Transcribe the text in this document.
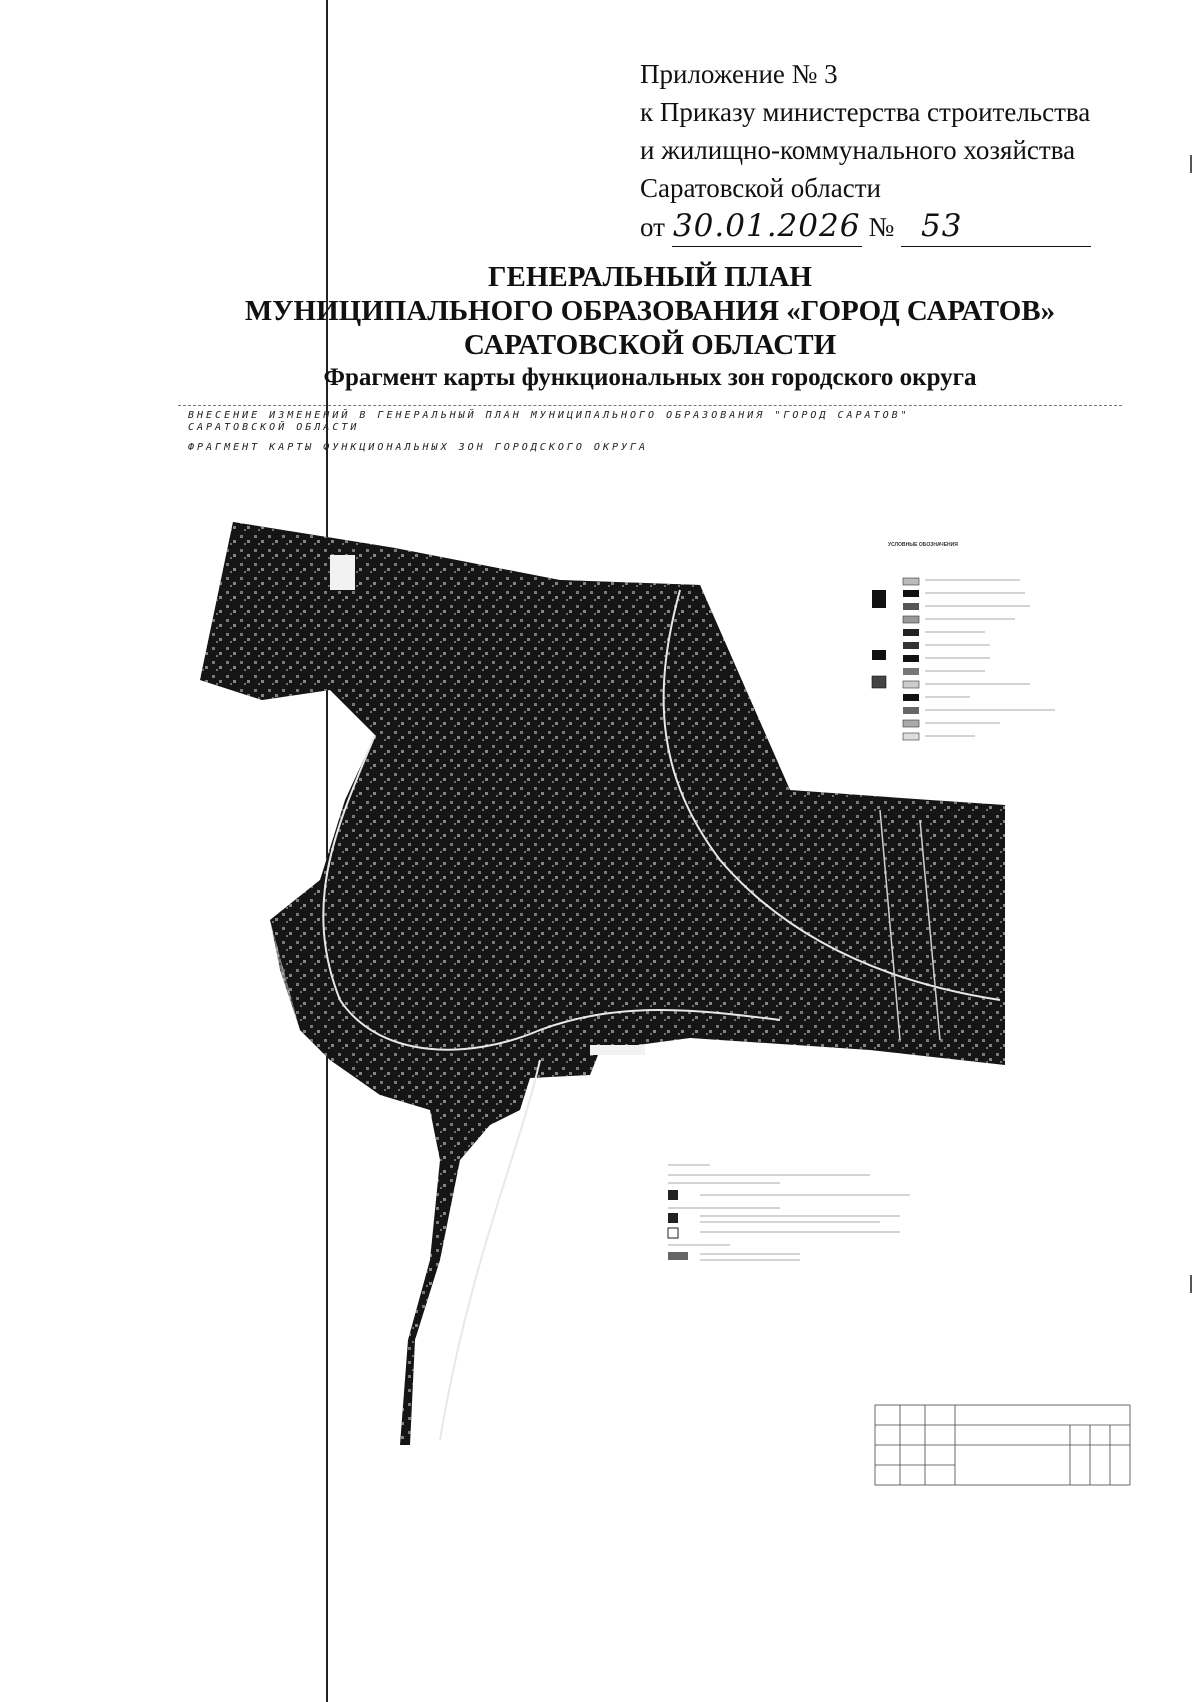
Приложение № 3
к Приказу министерства строительства
и жилищно-коммунального хозяйства
Саратовской области
от 30.01.2026 № 53
ГЕНЕРАЛЬНЫЙ ПЛАН
МУНИЦИПАЛЬНОГО ОБРАЗОВАНИЯ «ГОРОД САРАТОВ»
САРАТОВСКОЙ ОБЛАСТИ
Фрагмент карты функциональных зон городского округа
ВНЕСЕНИЕ ИЗМЕНЕНИЙ В ГЕНЕРАЛЬНЫЙ ПЛАН МУНИЦИПАЛЬНОГО ОБРАЗОВАНИЯ "ГОРОД САРАТОВ"
САРАТОВСКОЙ ОБЛАСТИ
ФРАГМЕНТ КАРТЫ ФУНКЦИОНАЛЬНЫХ ЗОН ГОРОДСКОГО ОКРУГА
УСЛОВНЫЕ ОБОЗНАЧЕНИЯ
